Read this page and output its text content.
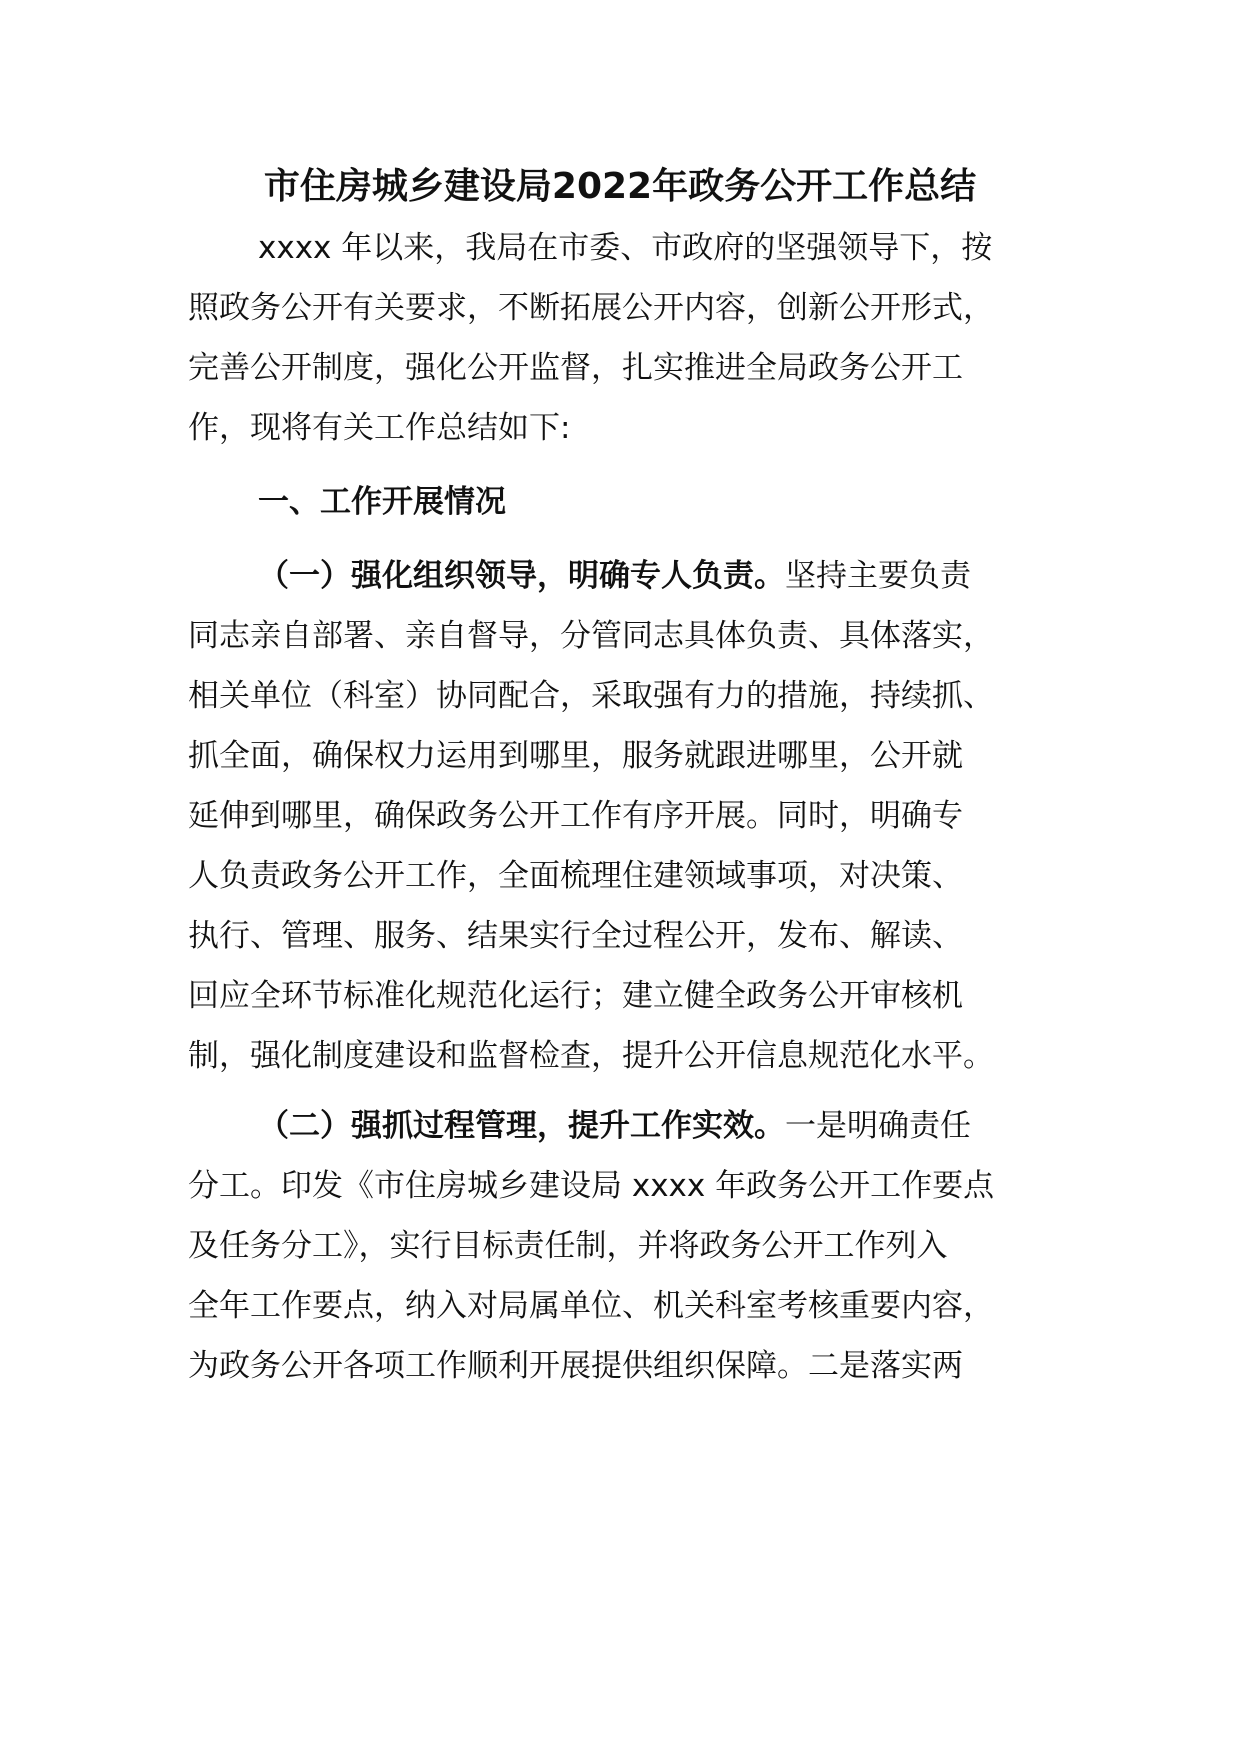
市住房城乡建设局2022年政务公开工作总结
xxxx 年以来，我局在市委、市政府的坚强领导下，按
照政务公开有关要求，不断拓展公开内容，创新公开形式，
完善公开制度，强化公开监督，扎实推进全局政务公开工
作，现将有关工作总结如下:
一、工作开展情况
（一）强化组织领导，明确专人负责。坚持主要负责
同志亲自部署、亲自督导，分管同志具体负责、具体落实，
相关单位（科室）协同配合，采取强有力的措施，持续抓、
抓全面，确保权力运用到哪里，服务就跟进哪里，公开就
延伸到哪里，确保政务公开工作有序开展。同时，明确专
人负责政务公开工作，全面梳理住建领域事项，对决策、
执行、管理、服务、结果实行全过程公开，发布、解读、
回应全环节标准化规范化运行；建立健全政务公开审核机
制，强化制度建设和监督检查，提升公开信息规范化水平。
（二）强抓过程管理，提升工作实效。一是明确责任
分工。印发《市住房城乡建设局 xxxx 年政务公开工作要点
及任务分工》，实行目标责任制，并将政务公开工作列入
全年工作要点，纳入对局属单位、机关科室考核重要内容，
为政务公开各项工作顺利开展提供组织保障。二是落实两
